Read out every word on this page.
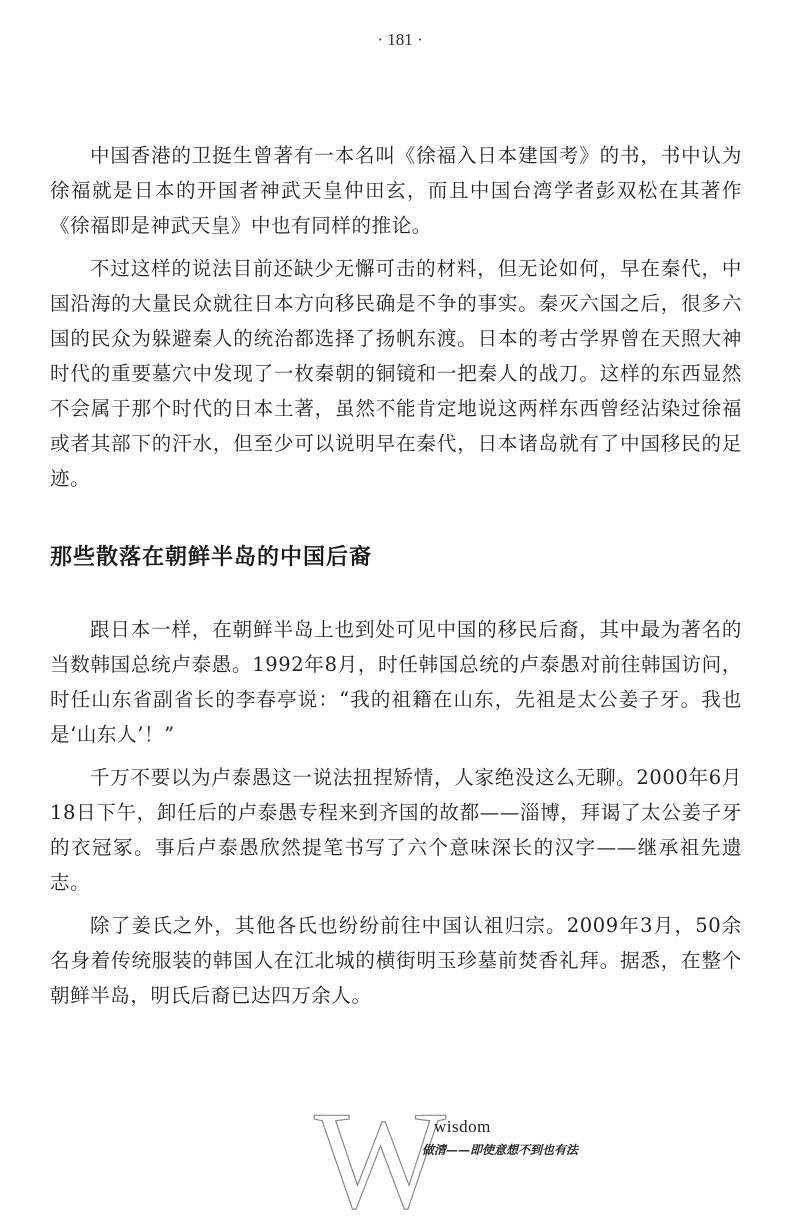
· 181 ·

中国香港的卫挺生曾著有一本名叫《徐福入日本建国考》的书，书中认为徐福就是日本的开国者神武天皇仲田玄，而且中国台湾学者彭双松在其著作《徐福即是神武天皇》中也有同样的推论。

不过这样的说法目前还缺少无懈可击的材料，但无论如何，早在秦代，中国沿海的大量民众就往日本方向移民确是不争的事实。秦灭六国之后，很多六国的民众为躲避秦人的统治都选择了扬帆东渡。日本的考古学界曾在天照大神时代的重要墓穴中发现了一枚秦朝的铜镜和一把秦人的战刀。这样的东西显然不会属于那个时代的日本土著，虽然不能肯定地说这两样东西曾经沾染过徐福或者其部下的汗水，但至少可以说明早在秦代，日本诸岛就有了中国移民的足迹。

那些散落在朝鲜半岛的中国后裔

跟日本一样，在朝鲜半岛上也到处可见中国的移民后裔，其中最为著名的当数韩国总统卢泰愚。1992年8月，时任韩国总统的卢泰愚对前往韩国访问，时任山东省副省长的李春亭说：“我的祖籍在山东，先祖是太公姜子牙。我也是‘山东人’！”

千万不要以为卢泰愚这一说法扭捏矫情，人家绝没这么无聊。2000年6月18日下午，卸任后的卢泰愚专程来到齐国的故都——淄博，拜谒了太公姜子牙的衣冠冢。事后卢泰愚欣然提笔书写了六个意味深长的汉字——继承祖先遗志。

除了姜氏之外，其他各氏也纷纷前往中国认祖归宗。2009年3月，50余名身着传统服装的韩国人在江北城的横街明玉珍墓前焚香礼拜。据悉，在整个朝鲜半岛，明氏后裔已达四万余人。

W
wisdom
做清——即使意想不到也有法
